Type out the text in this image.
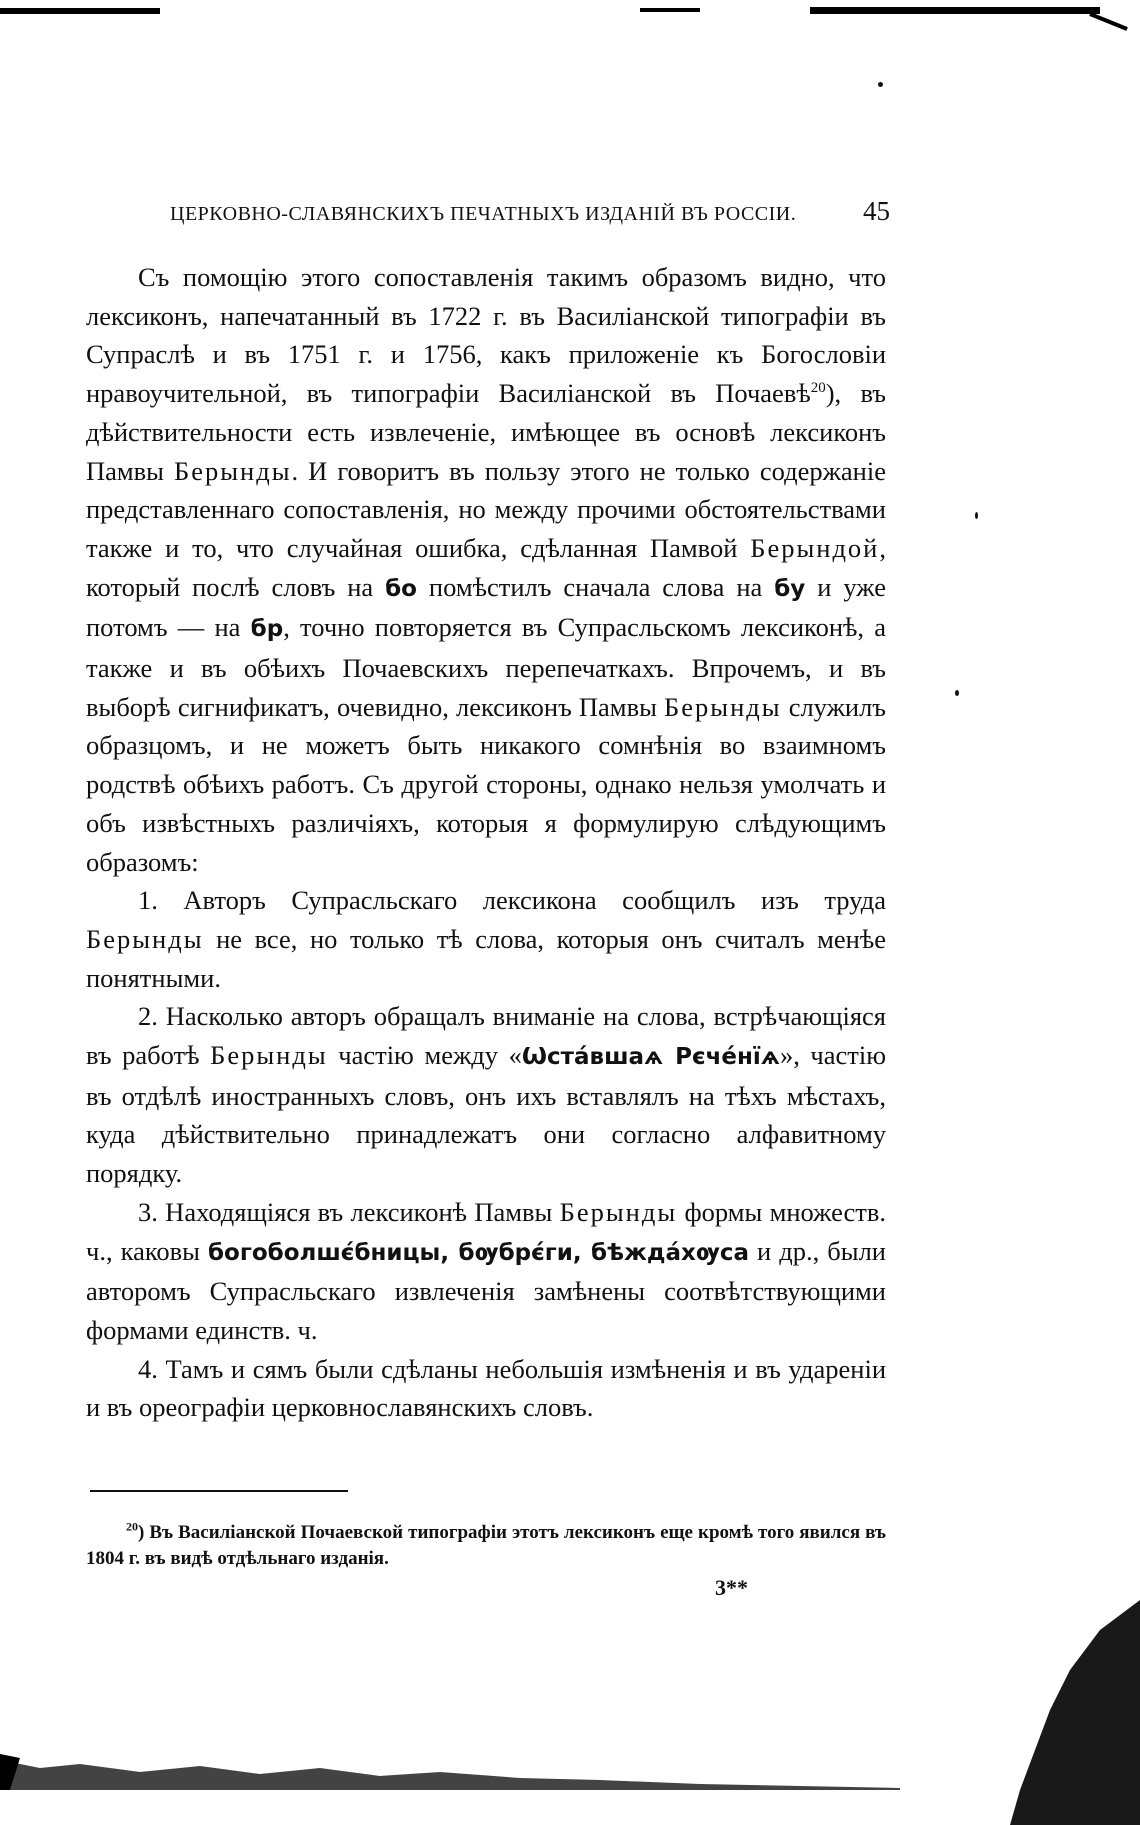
ЦЕРКОВНО-СЛАВЯНСКИХЪ ПЕЧАТНЫХЪ ИЗДАНІЙ ВЪ РОССІИ. 45

Съ помощію этого сопоставленія такимъ образомъ видно, что лексиконъ, напечатанный въ 1722 г. въ Василіанской типографіи въ Супраслѣ и въ 1751 г. и 1756, какъ приложеніе къ Богословіи нравоучительной, въ типографіи Василіанской въ Почаевѣ$^{20}$), въ дѣйствительности есть извлеченіе, имѣющее въ основѣ лексиконъ Памвы Берынды. И говоритъ въ пользу этого не только содержаніе представленнаго сопоставленія, но между прочими обстоятельствами также и то, что случайная ошибка, сдѣланная Памвой Берындой, который послѣ словъ на бо помѣстилъ сначала слова на бу и уже потомъ — на бр, точно повторяется въ Супрасльскомъ лексиконѣ, а также и въ обѣихъ Почаевскихъ перепечаткахъ. Впрочемъ, и въ выборѣ сигнификатъ, очевидно, лексиконъ Памвы Берынды служилъ образцомъ, и не можетъ быть никакого сомнѣнія во взаимномъ родствѣ обѣихъ работъ. Съ другой стороны, однако нельзя умолчать и объ извѣстныхъ различіяхъ, которыя я формулирую слѣдующимъ образомъ:

1. Авторъ Супрасльскаго лексикона сообщилъ изъ труда Берынды не все, но только тѣ слова, которыя онъ считалъ менѣе понятными.

2. Насколько авторъ обращалъ вниманіе на слова, встрѣчающіяся въ работѣ Берынды частію между «Ѡста́вшаѧ Рєче́нїѧ», частію въ отдѣлѣ иностранныхъ словъ, онъ ихъ вставлялъ на тѣхъ мѣстахъ, куда дѣйствительно принадлежатъ они согласно алфавитному порядку.

3. Находящіяся въ лексиконѣ Памвы Берынды формы множеств. ч., каковы богоболшє́бницы, бѹбрє́ги, бѣжда́хѹса и др., были авторомъ Супрасльскаго извлеченія замѣнены соотвѣтствующими формами единств. ч.

4. Тамъ и сямъ были сдѣланы небольшія измѣненія и въ удареніи и въ ореографіи церковнославянскихъ словъ.

$^{20}$) Въ Василіанской Почаевской типографіи этотъ лексиконъ еще кромѣ того явился въ 1804 г. въ видѣ отдѣльнаго изданія.

3**
